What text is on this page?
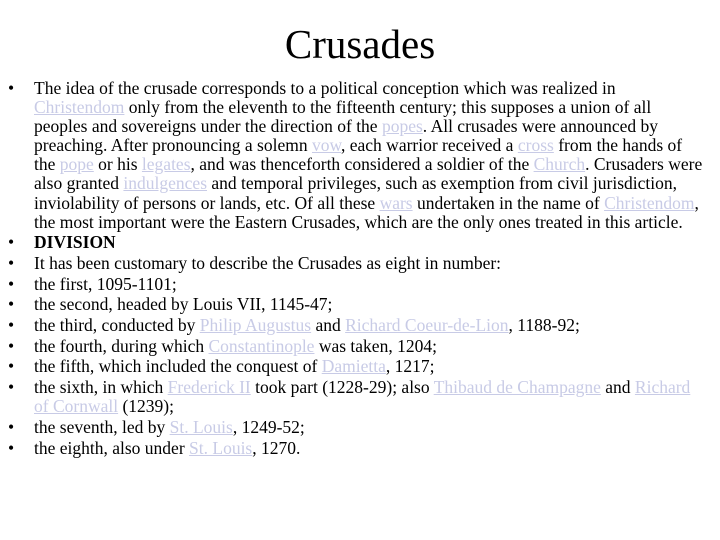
Crusades
• The idea of the crusade corresponds to a political conception which was realized in Christendom only from the eleventh to the fifteenth century; this supposes a union of all peoples and sovereigns under the direction of the popes. All crusades were announced by preaching. After pronouncing a solemn vow, each warrior received a cross from the hands of the pope or his legates, and was thenceforth considered a soldier of the Church. Crusaders were also granted indulgences and temporal privileges, such as exemption from civil jurisdiction, inviolability of persons or lands, etc. Of all these wars undertaken in the name of Christendom, the most important were the Eastern Crusades, which are the only ones treated in this article.
• DIVISION
• It has been customary to describe the Crusades as eight in number:
• the first, 1095-1101;
• the second, headed by Louis VII, 1145-47;
• the third, conducted by Philip Augustus and Richard Coeur-de-Lion, 1188-92;
• the fourth, during which Constantinople was taken, 1204;
• the fifth, which included the conquest of Damietta, 1217;
• the sixth, in which Frederick II took part (1228-29); also Thibaud de Champagne and Richard of Cornwall (1239);
• the seventh, led by St. Louis, 1249-52;
• the eighth, also under St. Louis, 1270.
